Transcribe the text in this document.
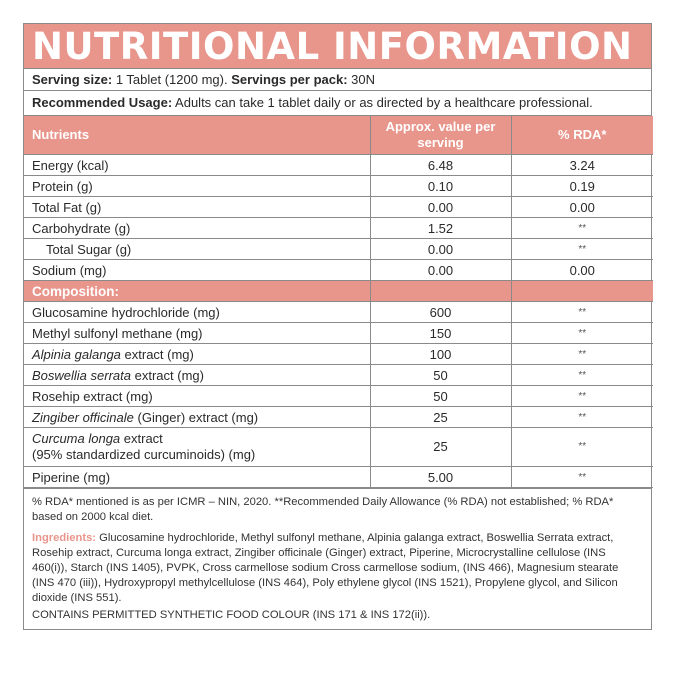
NUTRITIONAL INFORMATION
Serving size: 1 Tablet (1200 mg). Servings per pack: 30N
Recommended Usage: Adults can take 1 tablet daily or as directed by a healthcare professional.
Nutrients	Approx. value per serving	% RDA*
Energy (kcal)	6.48	3.24
Protein (g)	0.10	0.19
Total Fat (g)	0.00	0.00
Carbohydrate (g)	1.52	**
Total Sugar (g)	0.00	**
Sodium (mg)	0.00	0.00
Composition:		
Glucosamine hydrochloride (mg)	600	**
Methyl sulfonyl methane (mg)	150	**
Alpinia galanga extract (mg)	100	**
Boswellia serrata extract (mg)	50	**
Rosehip extract (mg)	50	**
Zingiber officinale (Ginger) extract (mg)	25	**
Curcuma longa extract
(95% standardized curcuminoids) (mg)	25	**
Piperine (mg)	5.00	**

% RDA* mentioned is as per ICMR – NIN, 2020. **Recommended Daily Allowance (% RDA) not established; % RDA* based on 2000 kcal diet.

Ingredients: Glucosamine hydrochloride, Methyl sulfonyl methane, Alpinia galanga extract, Boswellia Serrata extract, Rosehip extract, Curcuma longa extract, Zingiber officinale (Ginger) extract, Piperine, Microcrystalline cellulose (INS 460(i)), Starch (INS 1405), PVPK, Cross carmellose sodium Cross carmellose sodium, (INS 466), Magnesium stearate (INS 470 (iii)), Hydroxypropyl methylcellulose (INS 464), Poly ethylene glycol (INS 1521), Propylene glycol, and Silicon dioxide (INS 551).

CONTAINS PERMITTED SYNTHETIC FOOD COLOUR (INS 171 & INS 172(ii)).
